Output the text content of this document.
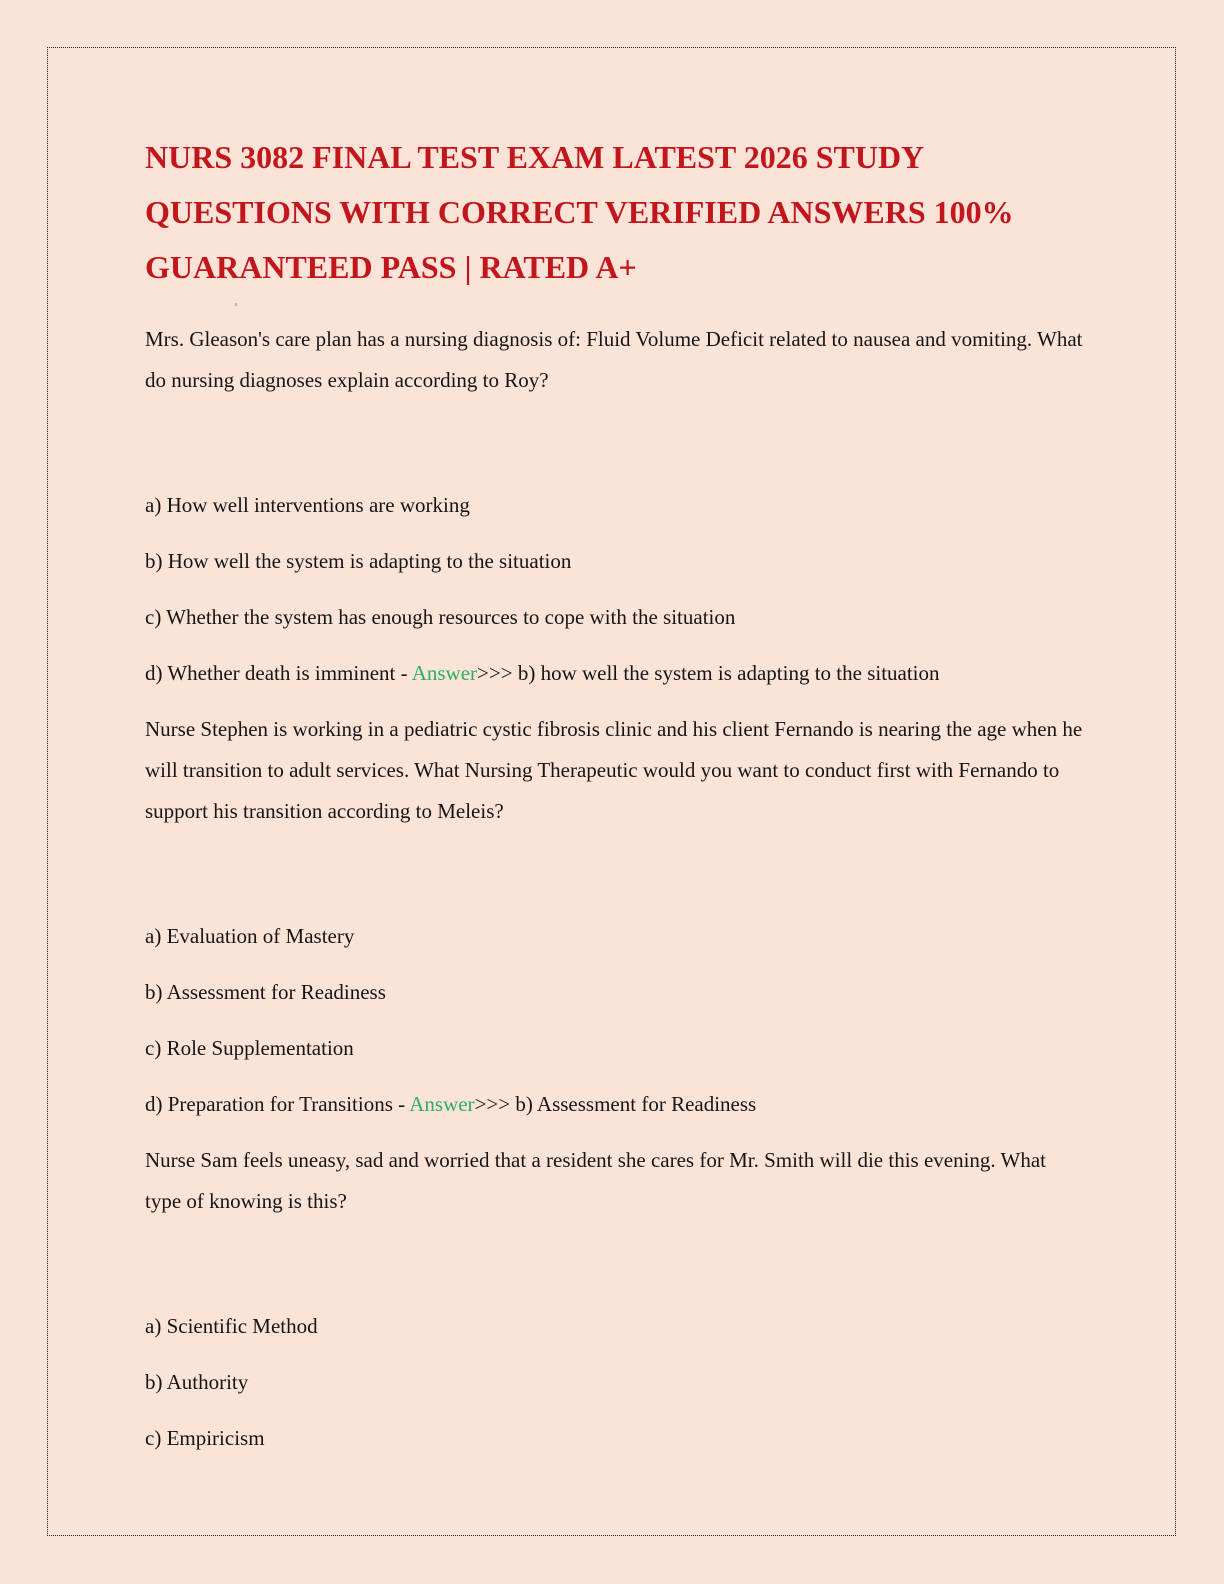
NURS 3082 FINAL TEST EXAM LATEST 2026 STUDY QUESTIONS WITH CORRECT VERIFIED ANSWERS 100% GUARANTEED PASS | RATED A+

Mrs. Gleason's care plan has a nursing diagnosis of: Fluid Volume Deficit related to nausea and vomiting. What do nursing diagnoses explain according to Roy?

a) How well interventions are working

b) How well the system is adapting to the situation

c) Whether the system has enough resources to cope with the situation

d) Whether death is imminent - Answer>>> b) how well the system is adapting to the situation

Nurse Stephen is working in a pediatric cystic fibrosis clinic and his client Fernando is nearing the age when he will transition to adult services. What Nursing Therapeutic would you want to conduct first with Fernando to support his transition according to Meleis?

a) Evaluation of Mastery

b) Assessment for Readiness

c) Role Supplementation

d) Preparation for Transitions - Answer>>> b) Assessment for Readiness

Nurse Sam feels uneasy, sad and worried that a resident she cares for Mr. Smith will die this evening. What type of knowing is this?

a) Scientific Method

b) Authority

c) Empiricism
